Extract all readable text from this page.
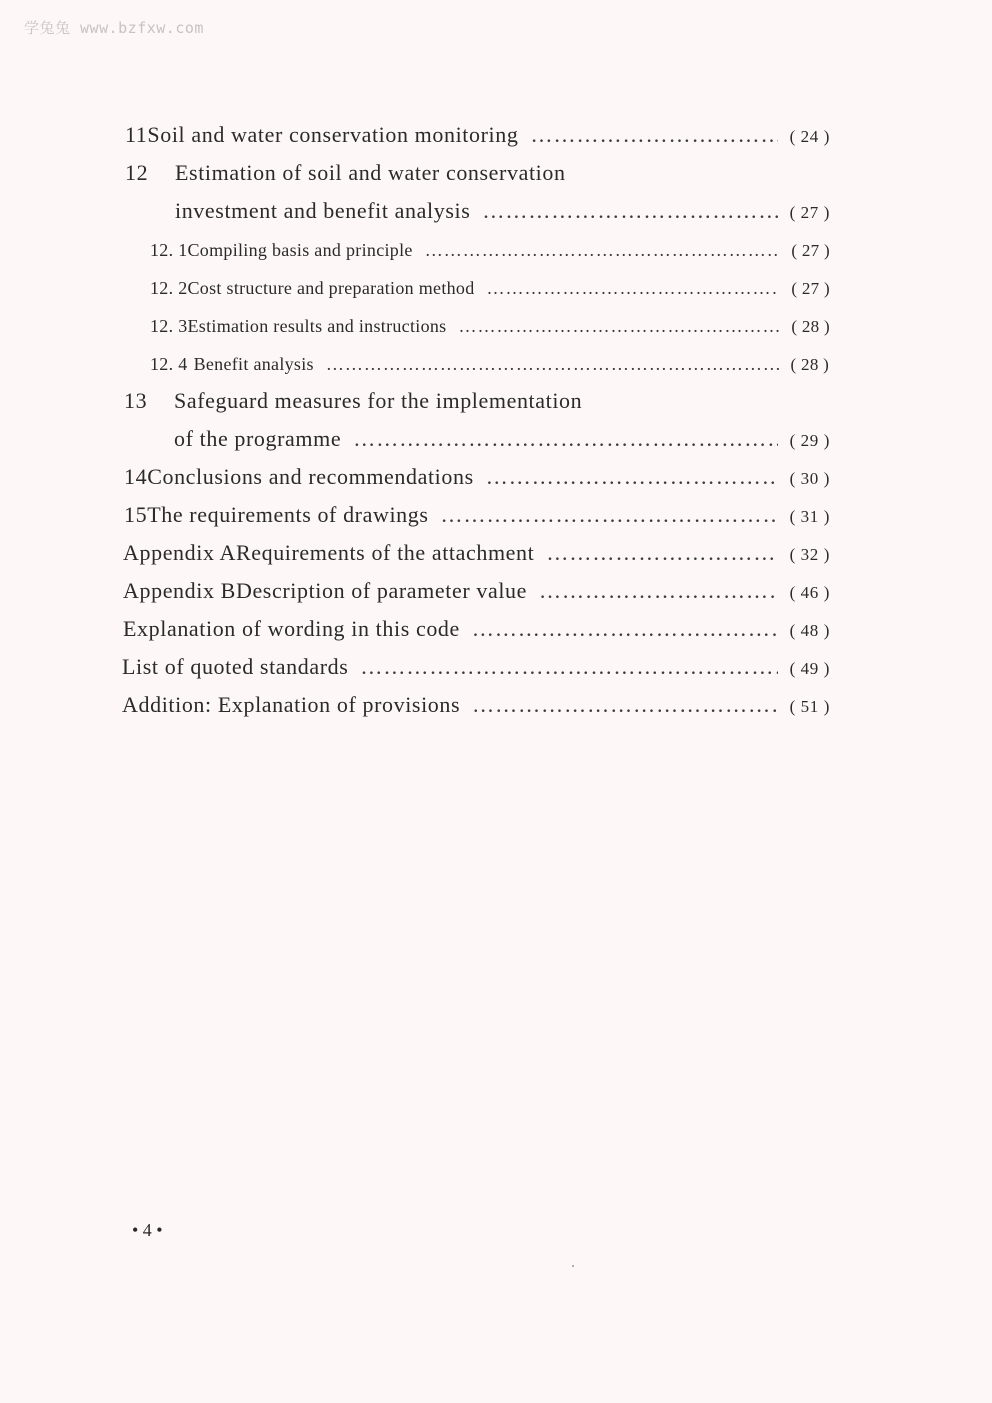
学兔兔 www.bzfxw.com
11 Soil and water conservation monitoring ……………………………………………………………………………………………	( 24 )
12 Estimation of soil and water conservation
investment and benefit analysis ……………………………………………………………………………………………	( 27 )
12. 1 Compiling basis and principle ……………………………………………………………………………………………	( 27 )
12. 2 Cost structure and preparation method ……………………………………………………………………………………………	( 27 )
12. 3 Estimation results and instructions ……………………………………………………………………………………………	( 28 )
12. 4 Benefit analysis ……………………………………………………………………………………………	( 28 )
13 Safeguard measures for the implementation
of the programme ……………………………………………………………………………………………	( 29 )
14 Conclusions and recommendations ……………………………………………………………………………………………	( 30 )
15 The requirements of drawings ……………………………………………………………………………………………	( 31 )
Appendix A Requirements of the attachment ……………………………………………………………………………………………	( 32 )
Appendix B Description of parameter value ……………………………………………………………………………………………	( 46 )
Explanation of wording in this code ……………………………………………………………………………………………	( 48 )
List of quoted standards ……………………………………………………………………………………………	( 49 )
Addition: Explanation of provisions ……………………………………………………………………………………………	( 51 )
• 4 •
